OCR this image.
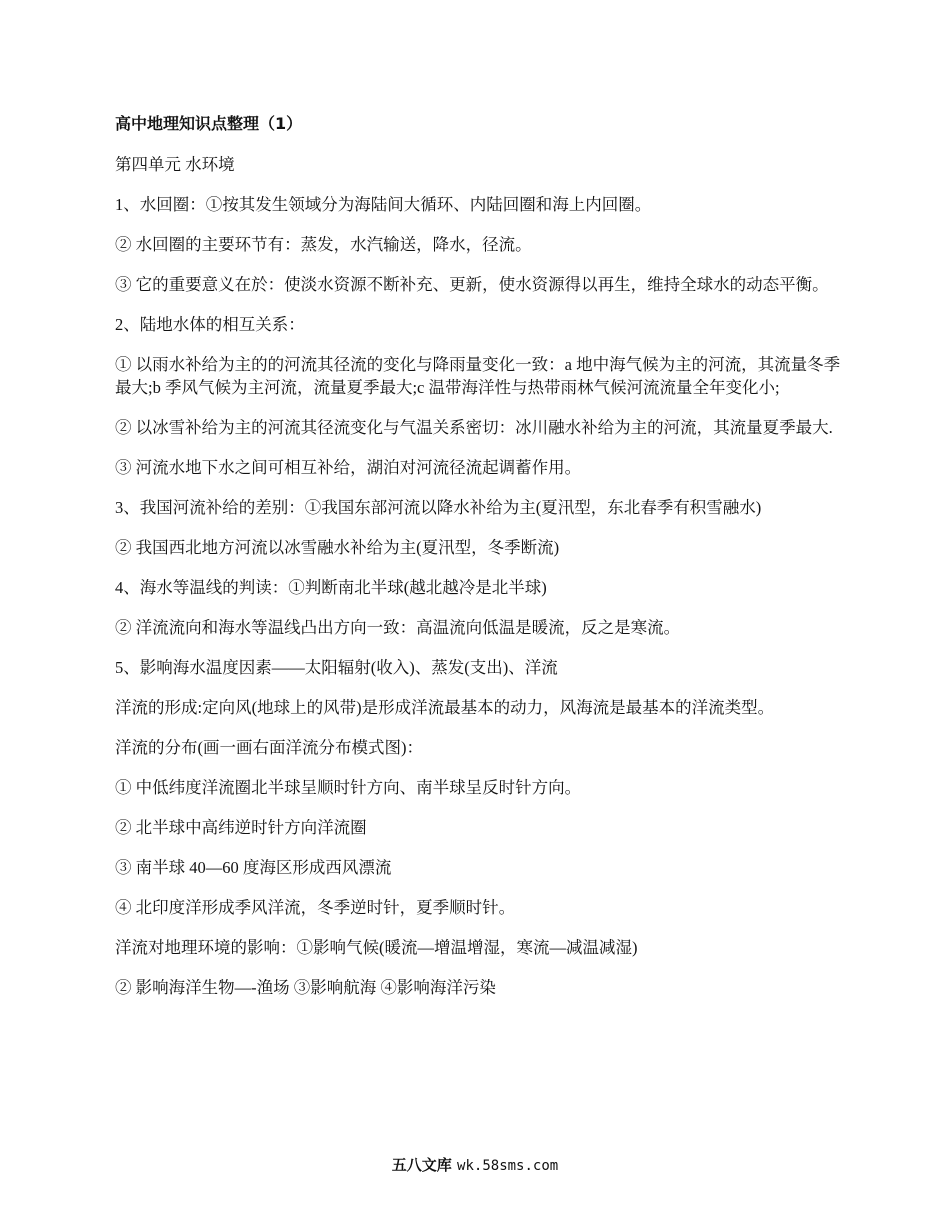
高中地理知识点整理（1）
第四单元 水环境
1、水回圈：①按其发生领域分为海陆间大循环、内陆回圈和海上内回圈。
② 水回圈的主要环节有：蒸发，水汽输送，降水，径流。
③ 它的重要意义在於：使淡水资源不断补充、更新，使水资源得以再生，维持全球水的动态平衡。
2、陆地水体的相互关系：
① 以雨水补给为主的的河流其径流的变化与降雨量变化一致：a 地中海气候为主的河流，其流量冬季最大;b 季风气候为主河流，流量夏季最大;c 温带海洋性与热带雨林气候河流流量全年变化小;
② 以冰雪补给为主的河流其径流变化与气温关系密切：冰川融水补给为主的河流，其流量夏季最大.
③ 河流水地下水之间可相互补给，湖泊对河流径流起调蓄作用。
3、我国河流补给的差别：①我国东部河流以降水补给为主(夏汛型，东北春季有积雪融水)
② 我国西北地方河流以冰雪融水补给为主(夏汛型，冬季断流)
4、海水等温线的判读：①判断南北半球(越北越冷是北半球)
② 洋流流向和海水等温线凸出方向一致：高温流向低温是暖流，反之是寒流。
5、影响海水温度因素——太阳辐射(收入)、蒸发(支出)、洋流
洋流的形成:定向风(地球上的风带)是形成洋流最基本的动力，风海流是最基本的洋流类型。
洋流的分布(画一画右面洋流分布模式图)：
① 中低纬度洋流圈北半球呈顺时针方向、南半球呈反时针方向。
② 北半球中高纬逆时针方向洋流圈
③ 南半球 40—60 度海区形成西风漂流
④ 北印度洋形成季风洋流，冬季逆时针，夏季顺时针。
洋流对地理环境的影响：①影响气候(暖流—增温增湿，寒流—减温减湿)
② 影响海洋生物—-渔场 ③影响航海 ④影响海洋污染
五八文库 wk.58sms.com
